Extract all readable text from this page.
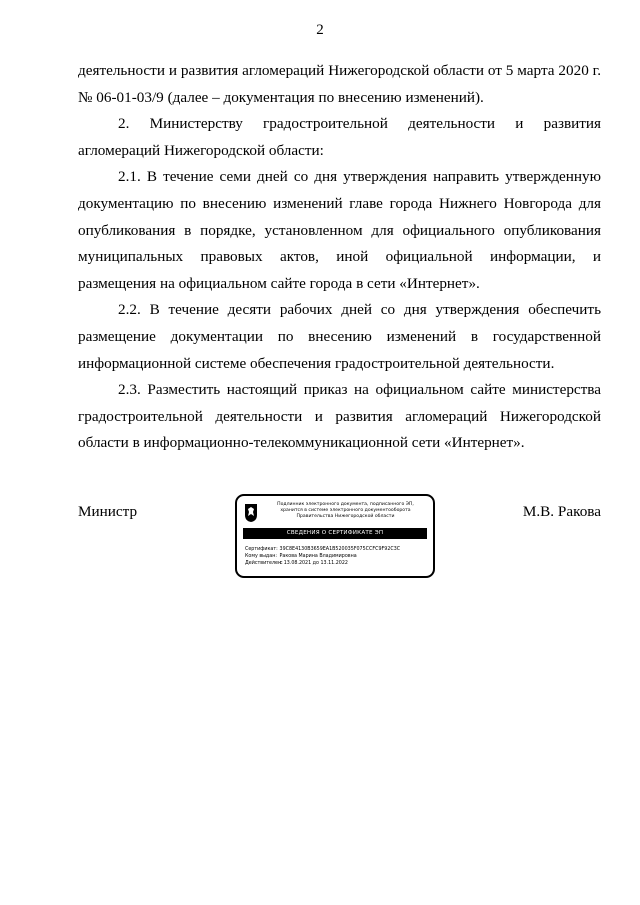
2

деятельности и развития агломераций Нижегородской области от 5 марта 2020 г. № 06-01-03/9 (далее – документация по внесению изменений).

2. Министерству градостроительной деятельности и развития агломераций Нижегородской области:

2.1. В течение семи дней со дня утверждения направить утвержденную документацию по внесению изменений главе города Нижнего Новгорода для опубликования в порядке, установленном для официального опубликования муниципальных правовых актов, иной официальной информации, и размещения на официальном сайте города в сети «Интернет».

2.2. В течение десяти рабочих дней со дня утверждения обеспечить размещение документации по внесению изменений в государственной информационной системе обеспечения градостроительной деятельности.

2.3. Разместить настоящий приказ на официальном сайте министерства градостроительной деятельности и развития агломераций Нижегородской области в информационно-телекоммуникационной сети «Интернет».

Министр	М.В. Ракова
Подлинник электронного документа, подписанного ЭП,
хранится в системе электронного документооборота
Правительства Нижегородской области
СВЕДЕНИЯ О СЕРТИФИКАТЕ ЭП
Сертификат: 39C8E4130B3659EA1B520035F075CCFC9F92C3C
Кому выдан: Ракова Марина Владимировна
Действителен: с 13.08.2021 до 13.11.2022
